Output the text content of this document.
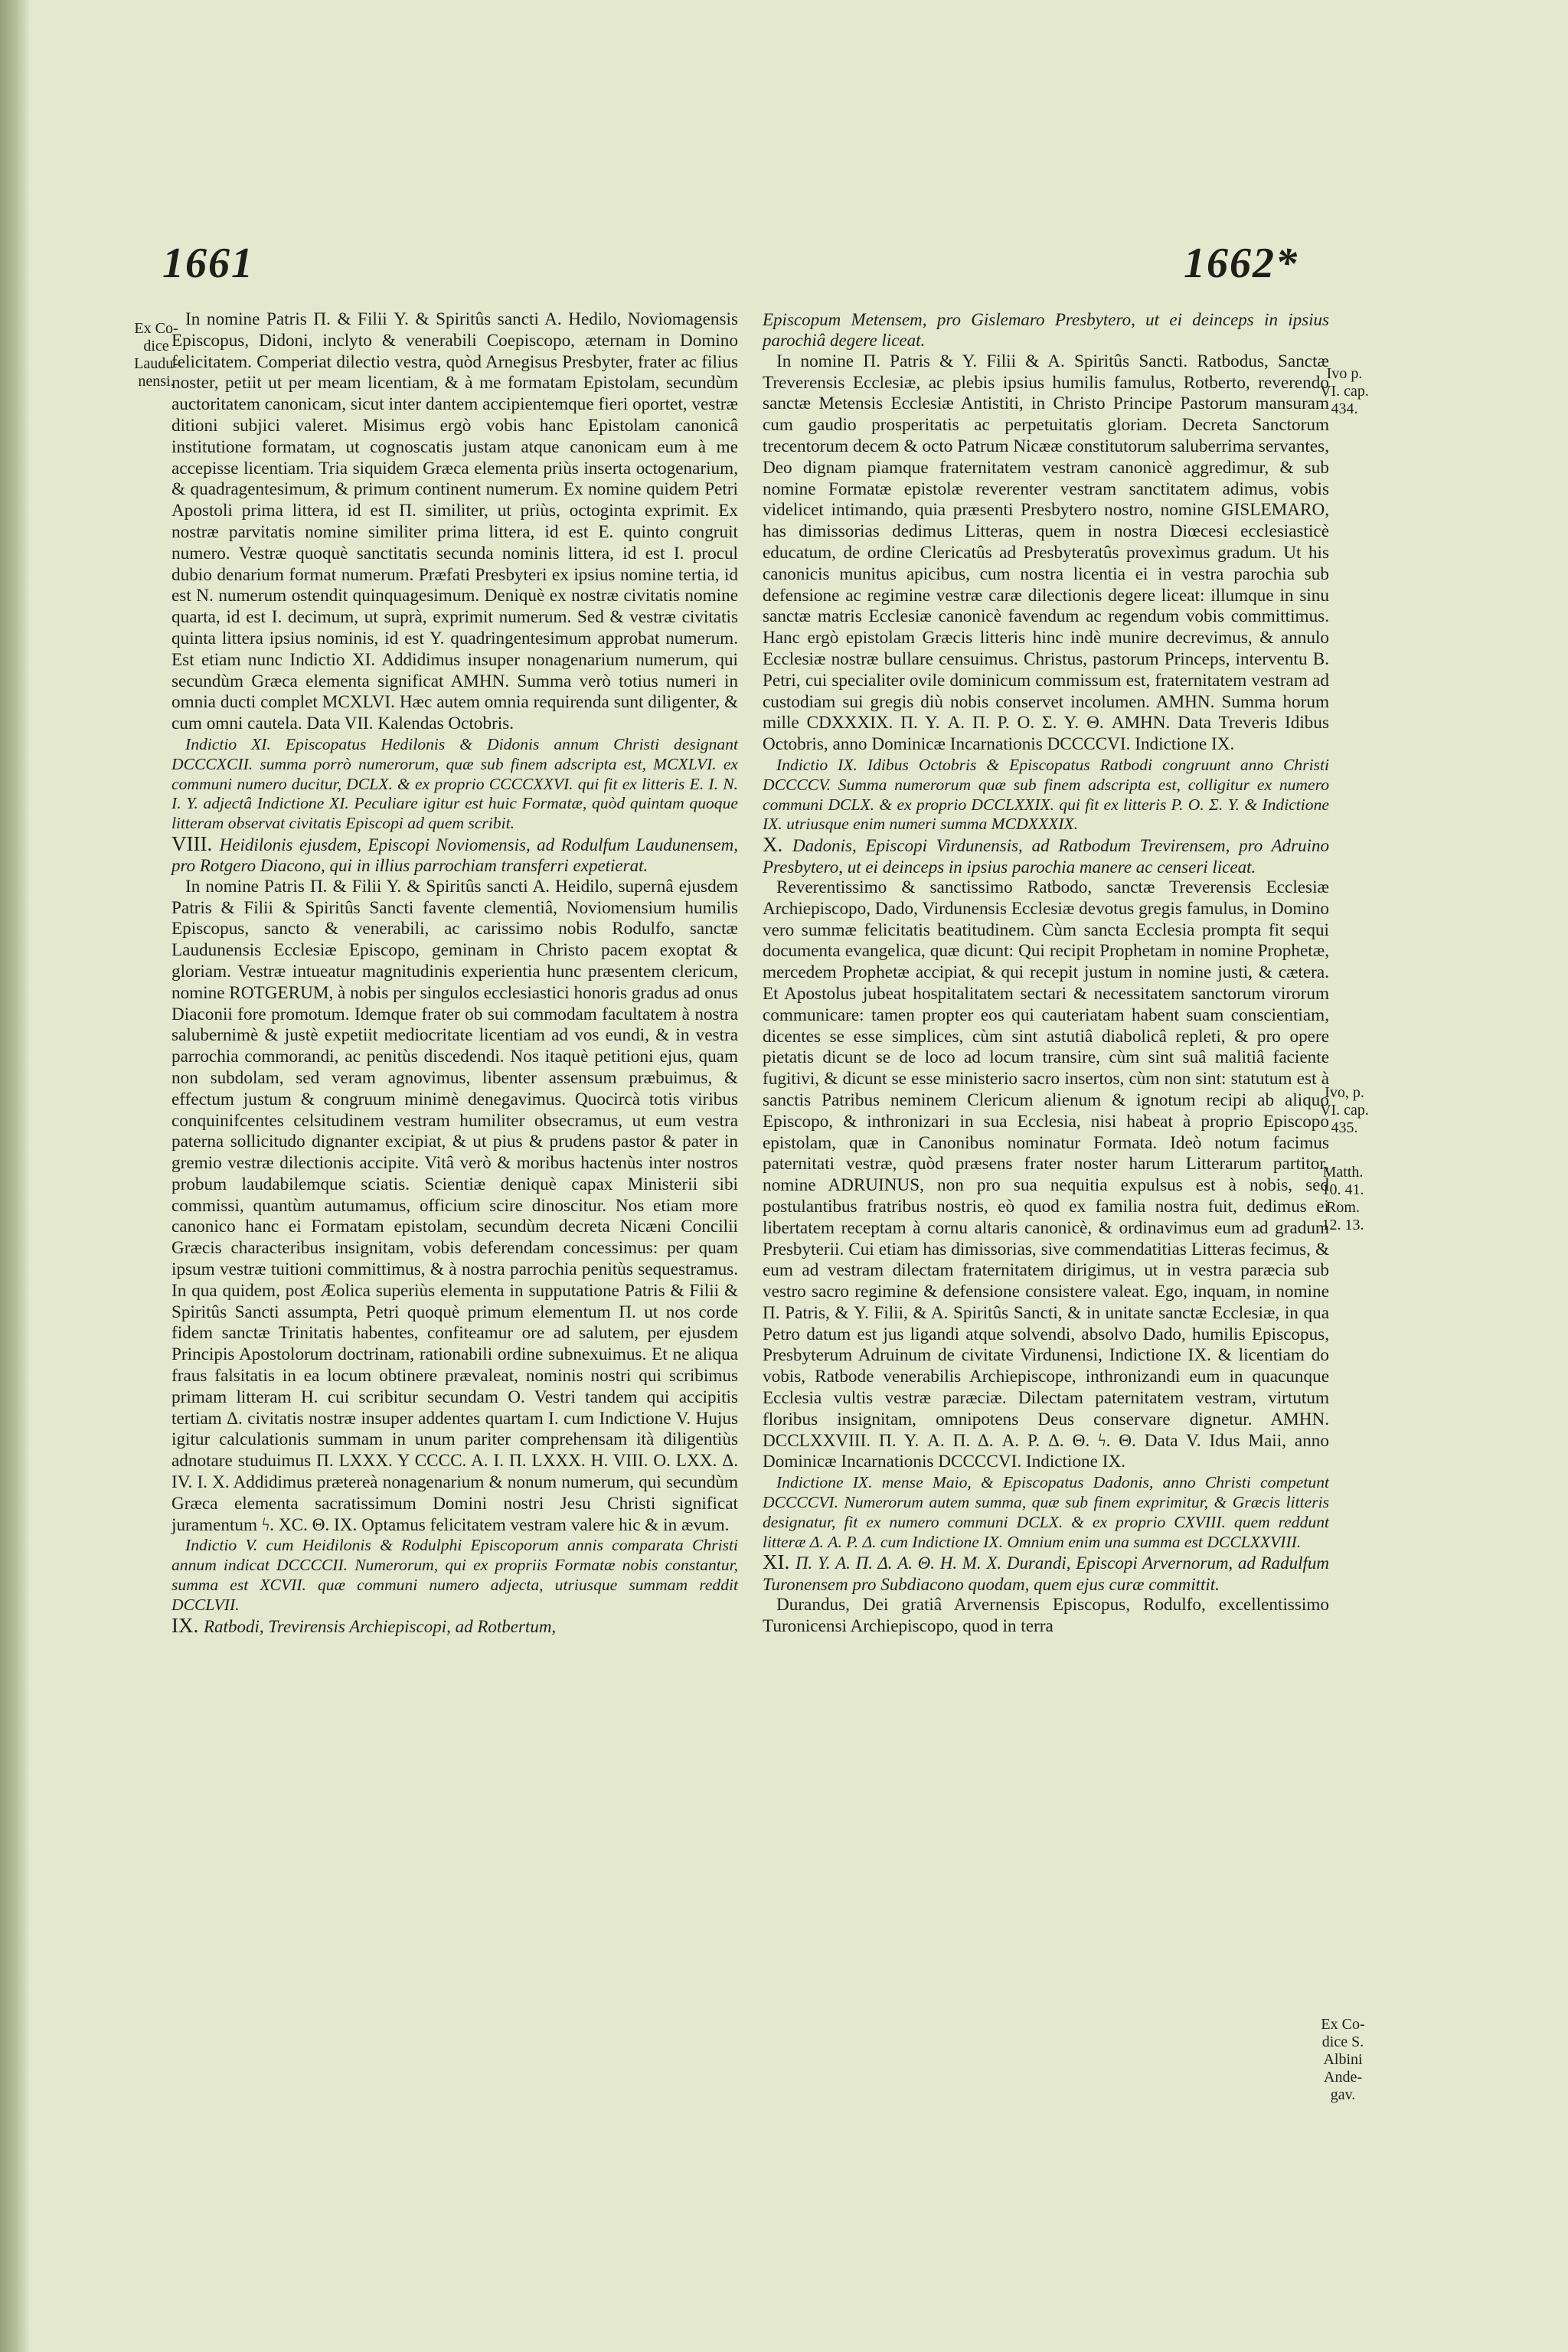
1661	1662*
Ex Co-
dice
Laudu-
nensi.	Ivo p.
VI. cap.
434.
Ivo, p.
VI. cap.
435.
Matth.
10. 41.
Rom.
12. 13.
Ex Co-
dice S.
Albini
Ande-
gav.

In nomine Patris Π. & Filii Υ. & Spiritûs sancti A. Hedilo, Noviomagensis Episcopus, Didoni, inclyto & venerabili Coepiscopo, æternam in Domino felicitatem. Comperiat dilectio vestra, quòd Arnegisus Presbyter, frater ac filius noster, petiit ut per meam licentiam, & à me formatam Epistolam, secundùm auctoritatem canonicam, sicut inter dantem accipientemque fieri oportet, vestræ ditioni subjici valeret. Misimus ergò vobis hanc Epistolam canonicâ institutione formatam, ut cognoscatis justam atque canonicam eum à me accepisse licentiam. Tria siquidem Græca elementa priùs inserta octogenarium, & quadragentesimum, & primum continent numerum. Ex nomine quidem Petri Apostoli prima littera, id est Π. similiter, ut priùs, octoginta exprimit. Ex nostræ parvitatis nomine similiter prima littera, id est E. quinto congruit numero. Vestræ quoquè sanctitatis secunda nominis littera, id est I. procul dubio denarium format numerum. Præfati Presbyteri ex ipsius nomine tertia, id est N. numerum ostendit quinquagesimum. Deniquè ex nostræ civitatis nomine quarta, id est I. decimum, ut suprà, exprimit numerum. Sed & vestræ civitatis quinta littera ipsius nominis, id est Y. quadringentesimum approbat numerum. Est etiam nunc Indictio XI. Addidimus insuper nonagenarium numerum, qui secundùm Græca elementa significat AMHN. Summa verò totius numeri in omnia ducti complet MCXLVI. Hæc autem omnia requirenda sunt diligenter, & cum omni cautela. Data VII. Kalendas Octobris.

Indictio XI. Episcopatus Hedilonis & Didonis annum Christi designant DCCCXCII. summa porrò numerorum, quæ sub finem adscripta est, MCXLVI. ex communi numero ducitur, DCLX. & ex proprio CCCCXXVI. qui fit ex litteris E. I. N. I. Y. adjectâ Indictione XI. Peculiare igitur est huic Formatæ, quòd quintam quoque litteram observat civitatis Episcopi ad quem scribit.

VIII. Heidilonis ejusdem, Episcopi Noviomensis, ad Rodulfum Laudunensem, pro Rotgero Diacono, qui in illius parrochiam transferri expetierat.

In nomine Patris Π. & Filii Y. & Spiritûs sancti A. Heidilo, supernâ ejusdem Patris & Filii & Spiritûs Sancti favente clementiâ, Noviomensium humilis Episcopus, sancto & venerabili, ac carissimo nobis Rodulfo, sanctæ Laudunensis Ecclesiæ Episcopo, geminam in Christo pacem exoptat & gloriam. Vestræ intueatur magnitudinis experientia hunc præsentem clericum, nomine ROTGERUM, à nobis per singulos ecclesiastici honoris gradus ad onus Diaconii fore promotum. Idemque frater ob sui commodam facultatem à nostra salubernimè & justè expetiit mediocritate licentiam ad vos eundi, & in vestra parrochia commorandi, ac penitùs discedendi. Nos itaquè petitioni ejus, quam non subdolam, sed veram agnovimus, libenter assensum præbuimus, & effectum justum & congruum minimè denegavimus. Quocircà totis viribus conquinifcentes celsitudinem vestram humiliter obsecramus, ut eum vestra paterna sollicitudo dignanter excipiat, & ut pius & prudens pastor & pater in gremio vestræ dilectionis accipite. Vitâ verò & moribus hactenùs inter nostros probum laudabilemque sciatis. Scientiæ deniquè capax Ministerii sibi commissi, quantùm autumamus, officium scire dinoscitur. Nos etiam more canonico hanc ei Formatam epistolam, secundùm decreta Nicæni Concilii Græcis characteribus insignitam, vobis deferendam concessimus: per quam ipsum vestræ tuitioni committimus, & à nostra parrochia penitùs sequestramus. In qua quidem, post Æolica superiùs elementa in supputatione Patris & Filii & Spiritûs Sancti assumpta, Petri quoquè primum elementum Π. ut nos corde fidem sanctæ Trinitatis habentes, confiteamur ore ad salutem, per ejusdem Principis Apostolorum doctrinam, rationabili ordine subnexuimus. Et ne aliqua fraus falsitatis in ea locum obtinere prævaleat, nominis nostri qui scribimus primam litteram H. cui scribitur secundam O. Vestri tandem qui accipitis tertiam Δ. civitatis nostræ insuper addentes quartam I. cum Indictione V. Hujus igitur calculationis summam in unum pariter comprehensam ità diligentiùs adnotare studuimus Π. LXXX. Y CCCC. A. I. Π. LXXX. H. VIII. O. LXX. Δ. IV. I. X. Addidimus prætereà nonagenarium & nonum numerum, qui secundùm Græca elementa sacratissimum Domini nostri Jesu Christi significat juramentum ϟ. XC. Θ. IX. Optamus felicitatem vestram valere hic & in ævum.

Indictio V. cum Heidilonis & Rodulphi Episcoporum annis comparata Christi annum indicat DCCCCII. Numerorum, qui ex propriis Formatæ nobis constantur, summa est XCVII. quæ communi numero adjecta, utriusque summam reddit DCCLVII.

IX. Ratbodi, Trevirensis Archiepiscopi, ad Rotbertum,

Episcopum Metensem, pro Gislemaro Presbytero, ut ei deinceps in ipsius parochiâ degere liceat.

In nomine Π. Patris & Y. Filii & A. Spiritûs Sancti. Ratbodus, Sanctæ Treverensis Ecclesiæ, ac plebis ipsius humilis famulus, Rotberto, reverendo sanctæ Metensis Ecclesiæ Antistiti, in Christo Principe Pastorum mansuram cum gaudio prosperitatis ac perpetuitatis gloriam. Decreta Sanctorum trecentorum decem & octo Patrum Nicææ constitutorum saluberrima servantes, Deo dignam piamque fraternitatem vestram canonicè aggredimur, & sub nomine Formatæ epistolæ reverenter vestram sanctitatem adimus, vobis videlicet intimando, quia præsenti Presbytero nostro, nomine GISLEMARO, has dimissorias dedimus Litteras, quem in nostra Diœcesi ecclesiasticè educatum, de ordine Clericatûs ad Presbyteratûs provexìmus gradum. Ut his canonicis munitus apicibus, cum nostra licentia ei in vestra parochia sub defensione ac regimine vestræ caræ dilectionis degere liceat: illumque in sinu sanctæ matris Ecclesiæ canonicè favendum ac regendum vobis committimus. Hanc ergò epistolam Græcis litteris hinc indè munire decrevimus, & annulo Ecclesiæ nostræ bullare censuimus. Christus, pastorum Princeps, interventu B. Petri, cui specialiter ovile dominicum commissum est, fraternitatem vestram ad custodiam sui gregis diù nobis conservet incolumen. AMHN. Summa horum mille CDXXXIX. Π. Υ. A. Π. P. O. Σ. Υ. Θ. AMHN. Data Treveris Idibus Octobris, anno Dominicæ Incarnationis DCCCCVI. Indictione IX.

Indictio IX. Idibus Octobris & Episcopatus Ratbodi congruunt anno Christi DCCCCV. Summa numerorum quæ sub finem adscripta est, colligitur ex numero communi DCLX. & ex proprio DCCLXXIX. qui fit ex litteris P. O. Σ. Υ. & Indictione IX. utriusque enim numeri summa MCDXXXIX.

X. Dadonis, Episcopi Virdunensis, ad Ratbodum Trevirensem, pro Adruino Presbytero, ut ei deinceps in ipsius parochia manere ac censeri liceat.

Reverentissimo & sanctissimo Ratbodo, sanctæ Treverensis Ecclesiæ Archiepiscopo, Dado, Virdunensis Ecclesiæ devotus gregis famulus, in Domino vero summæ felicitatis beatitudinem. Cùm sancta Ecclesia prompta fit sequi documenta evangelica, quæ dicunt: Qui recipit Prophetam in nomine Prophetæ, mercedem Prophetæ accipiat, & qui recepit justum in nomine justi, & cætera. Et Apostolus jubeat hospitalitatem sectari & necessitatem sanctorum virorum communicare: tamen propter eos qui cauteriatam habent suam conscientiam, dicentes se esse simplices, cùm sint astutiâ diabolicâ repleti, & pro opere pietatis dicunt se de loco ad locum transire, cùm sint suâ malitiâ faciente fugitivi, & dicunt se esse ministerio sacro insertos, cùm non sint: statutum est à sanctis Patribus neminem Clericum alienum & ignotum recipi ab aliquo Episcopo, & inthronizari in sua Ecclesia, nisi habeat à proprio Episcopo epistolam, quæ in Canonibus nominatur Formata. Ideò notum facimus paternitati vestræ, quòd præsens frater noster harum Litterarum partitor, nomine ADRUINUS, non pro sua nequitia expulsus est à nobis, sed postulantibus fratribus nostris, eò quod ex familia nostra fuit, dedimus ei libertatem receptam à cornu altaris canonicè, & ordinavimus eum ad gradum Presbyterii. Cui etiam has dimissorias, sive commendatitias Litteras fecimus, & eum ad vestram dilectam fraternitatem dirigimus, ut in vestra paræcia sub vestro sacro regimine & defensione consistere valeat. Ego, inquam, in nomine Π. Patris, & Υ. Filii, & A. Spiritûs Sancti, & in unitate sanctæ Ecclesiæ, in qua Petro datum est jus ligandi atque solvendi, absolvo Dado, humilis Episcopus, Presbyterum Adruinum de civitate Virdunensi, Indictione IX. & licentiam do vobis, Ratbode venerabilis Archiepiscope, inthronizandi eum in quacunque Ecclesia vultis vestræ paræciæ. Dilectam paternitatem vestram, virtutum floribus insignitam, omnipotens Deus conservare dignetur. AMHN. DCCLXXVIII. Π. Υ. A. Π. Δ. A. P. Δ. Θ. ϟ. Θ. Data V. Idus Maii, anno Dominicæ Incarnationis DCCCCVI. Indictione IX.

Indictione IX. mense Maio, & Episcopatus Dadonis, anno Christi competunt DCCCCVI. Numerorum autem summa, quæ sub finem exprimitur, & Græcis litteris designatur, fit ex numero communi DCLX. & ex proprio CXVIII. quem reddunt litteræ Δ. A. P. Δ. cum Indictione IX. Omnium enim una summa est DCCLXXVIII.

XI. Π. Υ. A. Π. Δ. A. Θ. H. M. X. Durandi, Episcopi Arvernorum, ad Radulfum Turonensem pro Subdiacono quodam, quem ejus curæ committit.

Durandus, Dei gratiâ Arvernensis Episcopus, Rodulfo, excellentissimo Turonicensi Archiepiscopo, quod in terra
